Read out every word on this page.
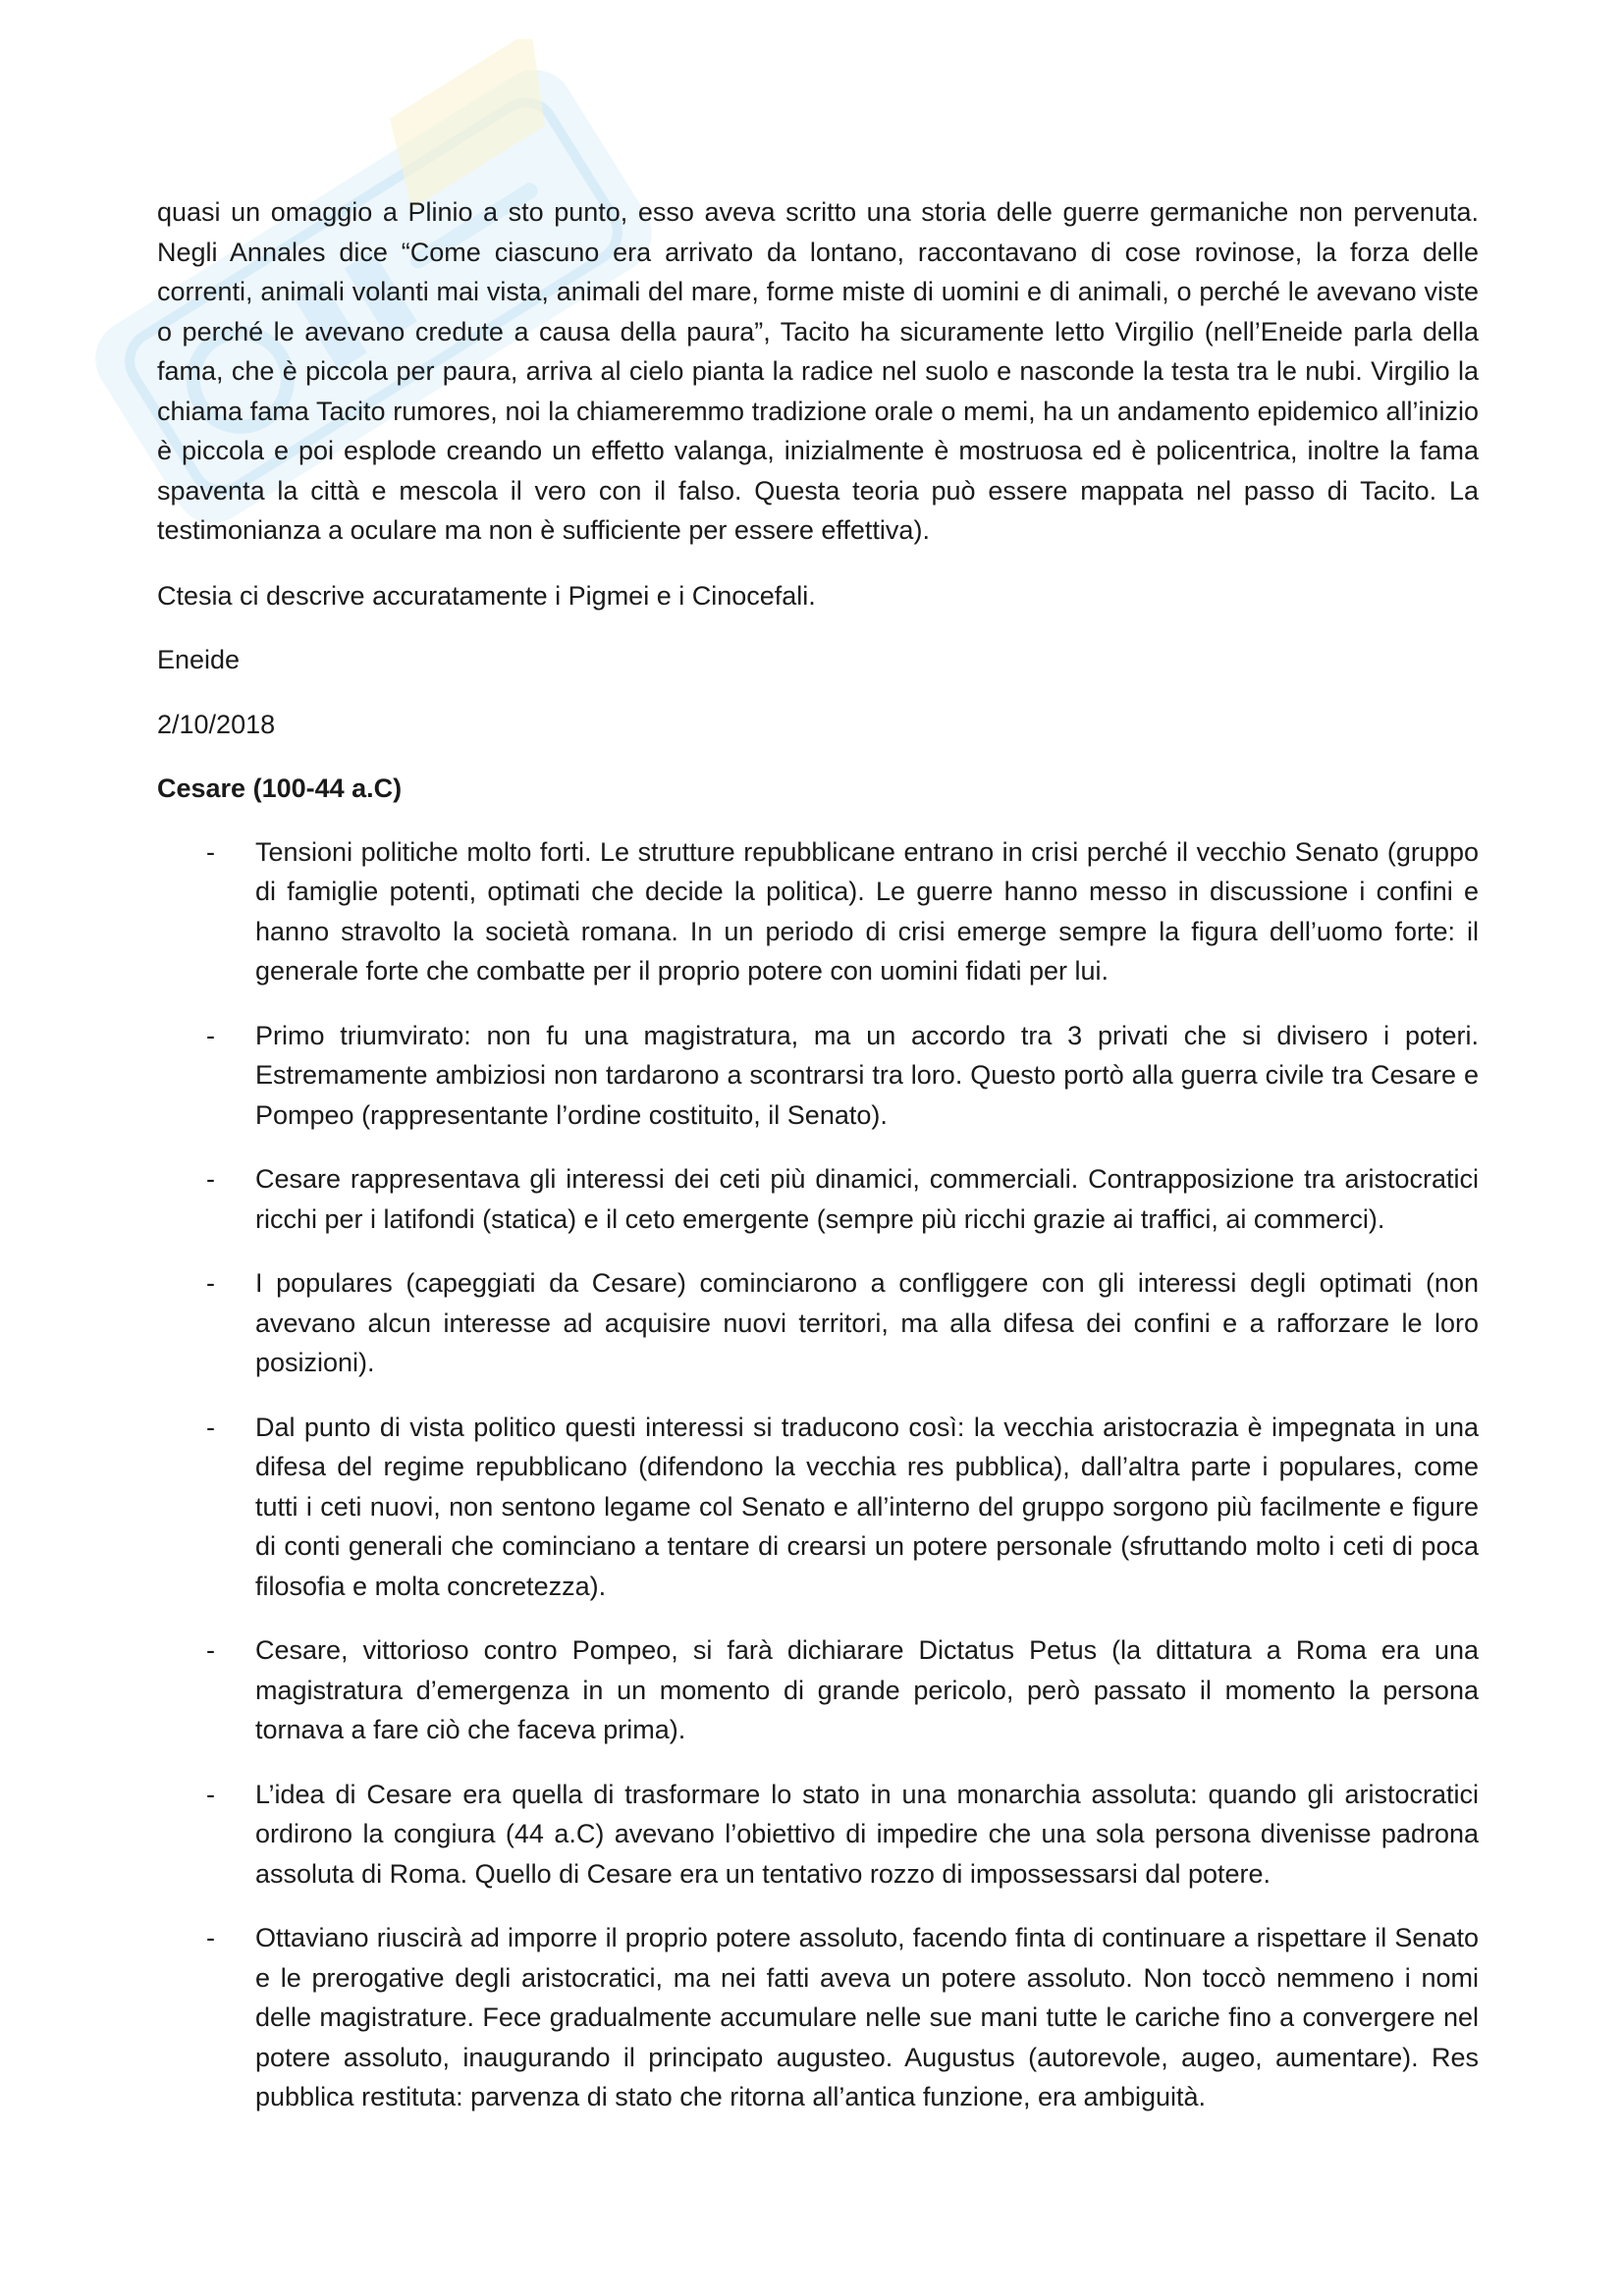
quasi un omaggio a Plinio a sto punto, esso aveva scritto una storia delle guerre germaniche non pervenuta. Negli Annales dice “Come ciascuno era arrivato da lontano, raccontavano di cose rovinose, la forza delle correnti, animali volanti mai vista, animali del mare, forme miste di uomini e di animali, o perché le avevano viste o perché le avevano credute a causa della paura”, Tacito ha sicuramente letto Virgilio (nell’Eneide parla della fama, che è piccola per paura, arriva al cielo pianta la radice nel suolo e nasconde la testa tra le nubi. Virgilio la chiama fama Tacito rumores, noi la chiameremmo tradizione orale o memi, ha un andamento epidemico all’inizio è piccola e poi esplode creando un effetto valanga, inizialmente è mostruosa ed è policentrica, inoltre la fama spaventa la città e mescola il vero con il falso. Questa teoria può essere mappata nel passo di Tacito. La testimonianza a oculare ma non è sufficiente per essere effettiva).

Ctesia ci descrive accuratamente i Pigmei e i Cinocefali.

Eneide

2/10/2018

Cesare (100-44 a.C)

- Tensioni politiche molto forti. Le strutture repubblicane entrano in crisi perché il vecchio Senato (gruppo di famiglie potenti, optimati che decide la politica). Le guerre hanno messo in discussione i confini e hanno stravolto la società romana. In un periodo di crisi emerge sempre la figura dell’uomo forte: il generale forte che combatte per il proprio potere con uomini fidati per lui.

- Primo triumvirato: non fu una magistratura, ma un accordo tra 3 privati che si divisero i poteri. Estremamente ambiziosi non tardarono a scontrarsi tra loro. Questo portò alla guerra civile tra Cesare e Pompeo (rappresentante l’ordine costituito, il Senato).

- Cesare rappresentava gli interessi dei ceti più dinamici, commerciali. Contrapposizione tra aristocratici ricchi per i latifondi (statica) e il ceto emergente (sempre più ricchi grazie ai traffici, ai commerci).

- I populares (capeggiati da Cesare) cominciarono a confliggere con gli interessi degli optimati (non avevano alcun interesse ad acquisire nuovi territori, ma alla difesa dei confini e a rafforzare le loro posizioni).

- Dal punto di vista politico questi interessi si traducono così: la vecchia aristocrazia è impegnata in una difesa del regime repubblicano (difendono la vecchia res pubblica), dall’altra parte i populares, come tutti i ceti nuovi, non sentono legame col Senato e all’interno del gruppo sorgono più facilmente e figure di conti generali che cominciano a tentare di crearsi un potere personale (sfruttando molto i ceti di poca filosofia e molta concretezza).

- Cesare, vittorioso contro Pompeo, si farà dichiarare Dictatus Petus (la dittatura a Roma era una magistratura d’emergenza in un momento di grande pericolo, però passato il momento la persona tornava a fare ciò che faceva prima).

- L’idea di Cesare era quella di trasformare lo stato in una monarchia assoluta: quando gli aristocratici ordirono la congiura (44 a.C) avevano l’obiettivo di impedire che una sola persona divenisse padrona assoluta di Roma. Quello di Cesare era un tentativo rozzo di impossessarsi dal potere.

- Ottaviano riuscirà ad imporre il proprio potere assoluto, facendo finta di continuare a rispettare il Senato e le prerogative degli aristocratici, ma nei fatti aveva un potere assoluto. Non toccò nemmeno i nomi delle magistrature. Fece gradualmente accumulare nelle sue mani tutte le cariche fino a convergere nel potere assoluto, inaugurando il principato augusteo. Augustus (autorevole, augeo, aumentare). Res pubblica restituta: parvenza di stato che ritorna all’antica funzione, era ambiguità.
